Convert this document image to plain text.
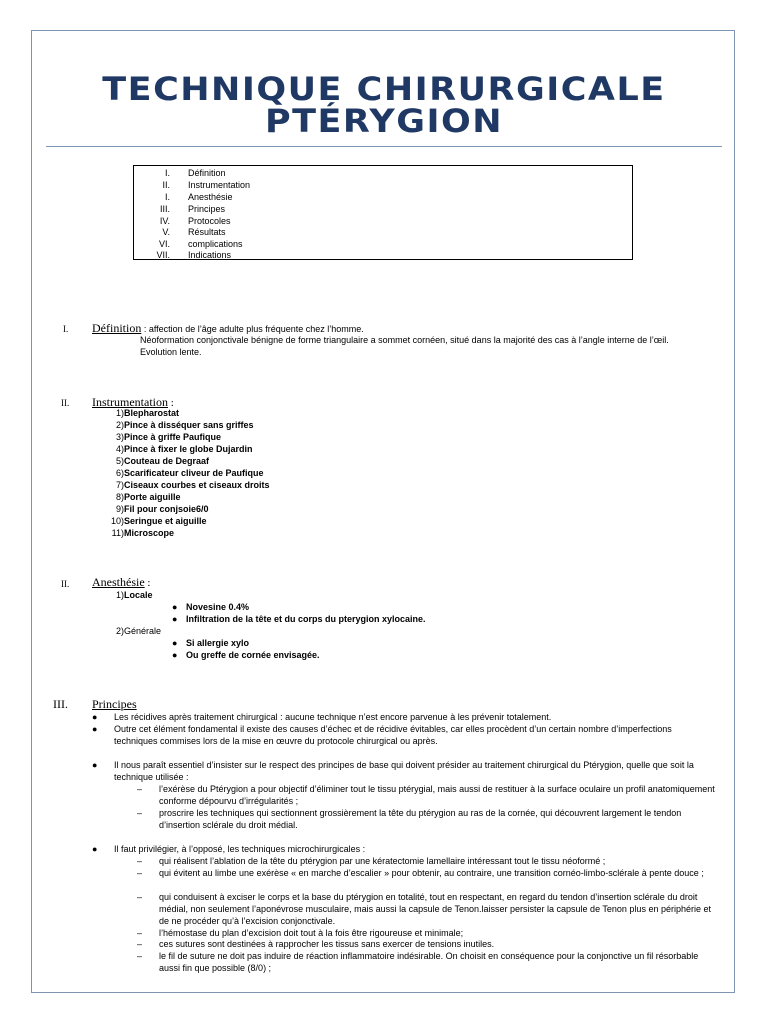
TECHNIQUE CHIRURGICALE
PTÉRYGION
I. Définition
II. Instrumentation
I. Anesthésie
III. Principes
IV. Protocoles
V. Résultats
VI. complications
VII. Indications
I. Définition : affection de l’âge adulte plus fréquente chez l’homme.
Néoformation conjonctivale bénigne de forme triangulaire a sommet cornéen, situé dans la majorité des cas à l’angle interne de l’œil.
Evolution lente.
II. Instrumentation :
1) Blepharostat
2) Pince à disséquer sans griffes
3) Pince à griffe Paufique
4) Pince à fixer le globe Dujardin
5) Couteau de Degraaf
6) Scarificateur cliveur de Paufique
7) Ciseaux courbes et ciseaux droits
8) Porte aiguille
9) Fil pour conjsoie6/0
10) Seringue et aiguille
11) Microscope
II. Anesthésie :
1) Locale
● Novesine 0.4%
● Infiltration de la tête et du corps du pterygion xylocaine.
2) Générale
● Si allergie xylo
● Ou greffe de cornée envisagée.
III. Principes
● Les récidives après traitement chirurgical : aucune technique n’est encore parvenue à les prévenir totalement.
● Outre cet élément fondamental il existe des causes d’échec et de récidive évitables, car elles procèdent d’un certain nombre d’imperfections techniques commises lors de la mise en œuvre du protocole chirurgical ou après.
● Il nous paraît essentiel d’insister sur le respect des principes de base qui doivent présider au traitement chirurgical du Ptérygion, quelle que soit la technique utilisée :
– l’exérèse du Ptérygion a pour objectif d’éliminer tout le tissu ptérygial, mais aussi de restituer à la surface oculaire un profil anatomiquement conforme dépourvu d’irrégularités ;
– proscrire les techniques qui sectionnent grossièrement la tête du ptérygion au ras de la cornée, qui découvrent largement le tendon d’insertion sclérale du droit médial.
● Il faut privilégier, à l’opposé, les techniques microchirurgicales :
– qui réalisent l’ablation de la tête du ptérygion par une kératectomie lamellaire intéressant tout le tissu néoformé ;
– qui évitent au limbe une exérèse « en marche d’escalier » pour obtenir, au contraire, une transition cornéo-limbo-sclérale à pente douce ;
– qui conduisent à exciser le corps et la base du ptérygion en totalité, tout en respectant, en regard du tendon d’insertion sclérale du droit médial, non seulement l’aponévrose musculaire, mais aussi la capsule de Tenon.laisser persister la capsule de Tenon plus en périphérie et de ne procéder qu’à l’excision conjonctivale.
– l’hémostase du plan d’excision doit tout à la fois être rigoureuse et minimale;
– ces sutures sont destinées à rapprocher les tissus sans exercer de tensions inutiles.
– le fil de suture ne doit pas induire de réaction inflammatoire indésirable. On choisit en conséquence pour la conjonctive un fil résorbable aussi fin que possible (8/0) ;
